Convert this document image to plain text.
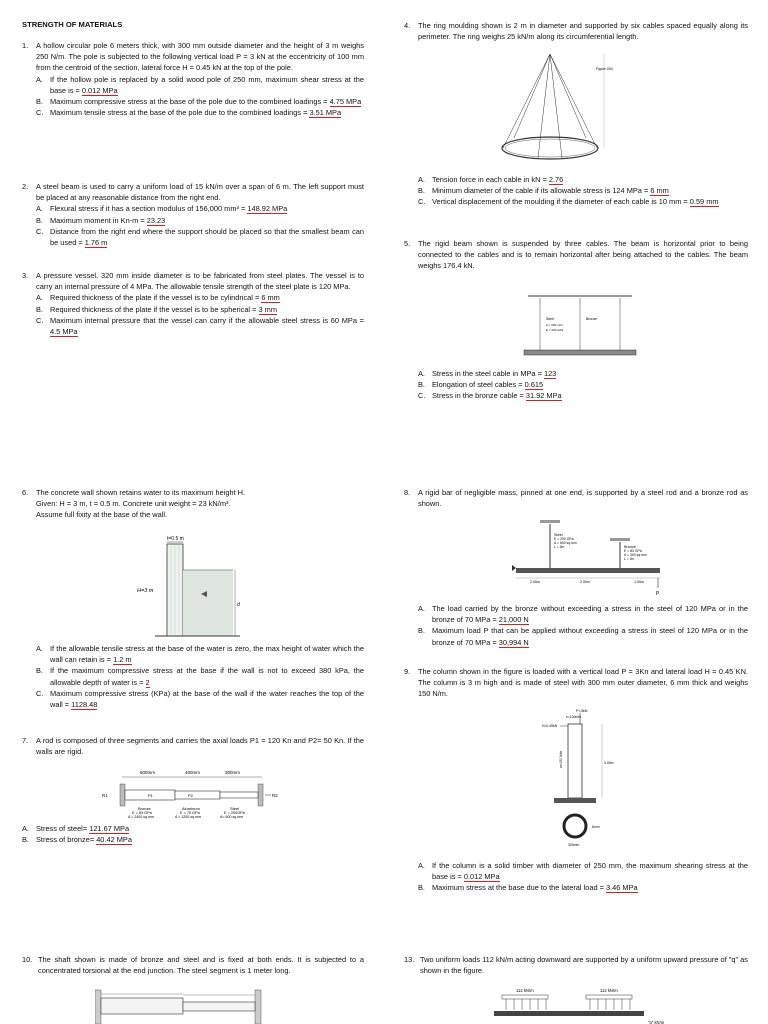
STRENGTH OF MATERIALS
1.	A hollow circular pole 6 meters thick, with 300 mm outside diameter and the height of 3 m weighs 250 N/m. The pole is subjected to the following vertical load P = 3 kN at the eccentricity of 100 mm from the centroid of the section, lateral force H = 0.45 kN at the top of the pole.
A. If the hollow pole is replaced by a solid wood pole of 250 mm, maximum shear stress at the base is = 0.012 MPa
B. Maximum compressive stress at the base of the pole due to the combined loadings = 4.75 MPa
C. Maximum tensile stress at the base of the pole due to the combined loadings = 3.51 MPa
2.	A steel beam is used to carry a uniform load of 15 kN/m over a span of 6 m. The left support must be placed at any reasonable distance from the right end.
A. Flexural stress if it has a section modulus of 156,000 mm³ = 148.92 MPa
B. Maximum moment in Kn-m = 23.23
C. Distance from the right end where the support should be placed so that the smallest beam can be used = 1.76 m
3.	A pressure vessel, 320 mm inside diameter is to be fabricated from steel plates. The vessel is to carry an internal pressure of 4 MPa. The allowable tensile strength of the steel plate is 120 MPa.
A. Required thickness of the plate if the vessel is to be cylindrical = 6 mm
B. Required thickness of the plate if the vessel is to be spherical = 3 mm
C. Maximum internal pressure that the vessel can carry if the allowable steel stress is 60 MPa = 4.5 MPa
6.	The concrete wall shown retains water to its maximum height H.
Given: H = 3 m, t = 0.5 m. Concrete unit weight = 23 kN/m³.
Assume full fixity at the base of the wall.
t=0.5 m
H=3 m
d
A. If the allowable tensile stress at the base of the water is zero, the max height of water which the wall can retain is = 1.2 m
B. If the maximum compressive stress at the base if the wall is not to exceed 380 kPa, the allowable depth of water is = 2
C. Maximum compressive stress (KPa) at the base of the wall if the water reaches the top of the wall = 1128.48
7.	A rod is composed of three segments and carries the axial loads P1 = 120 Kn and P2= 50 Kn. If the walls are rigid.
600mm	400mm	300mm
R1	R2
P1	P2
Bronze
E = 83 GPa
A = 2400 sq.mm
Aluminum
E = 70 GPa
A = 1200 sq.mm
Steel
E = 200GPa
A= 600 sq.mm
A. Stress of steel= 121.67 MPa
B. Stress of bronze= 40.42 MPa
10. The shaft shown is made of bronze and steel and is fixed at both ends. It is subjected to a concentrated torsional at the end junction. The steel segment is 1 meter long.
4.	The ring moulding shown is 2 m in diameter and supported by six cables spaced equally along its perimeter. The ring weighs 25 kN/m along its circumferential length.
Figure 004
A. Tension force in each cable in kN = 2.76
B. Minimum diameter of the cable if its allowable stress is 124 MPa = 6 mm
C. Vertical displacement of the moulding if the diameter of each cable is 10 mm = 0.59 mm
5.	The rigid beam shown is suspended by three cables. The beam is horizontal prior to being connected to the cables and is to remain horizontal after being attached to the cables. The beam weighs 176.4 kN.
Steel	Bronze
A = 600 mm²
E = 200 GPa
A. Stress in the steel cable in MPa = 123
B. Elongation of steel cables = 0.615
C. Stress in the bronze cable = 31.92 MPa
8.	A rigid bar of negligible mass, pinned at one end, is supported by a steel rod and a bronze rod as shown.
Steel
E = 200 GPa
A = 600 sq.mm
L = 3m	Bronze
E = 83 GPa
A = 300 sq.mm
L = 2m
2.00m	2.00m	1.00m
P
A. The load carried by the bronze without exceeding a stress in the steel of 120 MPa or in the bronze of 70 MPa = 21,000 N
B. Maximum load P that can be applied without exceeding a stress in steel of 120 MPa or in the bronze of 70 MPa = 30,994 N
9.	The column shown in the figure is loaded with a vertical load P = 3Kn and lateral load H = 0.45 KN. The column is 3 m high and is made of steel with 300 mm outer diameter, 6 mm thick and weighs 150 N/m.
P=3kN
e=100mm
H=0.45kN
w=150 N/m	3.00m
6mm
300mm
A. If the column is a solid timber with diameter of 250 mm, the maximum shearing stress at the base is = 0.012 MPa
B. Maximum stress at the base due to the lateral load = 3.46 MPa
13. Two uniform loads 112 kN/m acting downward are supported by a uniform upward pressure of "q" as shown in the figure.
112 kN/m	112 kN/m
"q" kN/m
